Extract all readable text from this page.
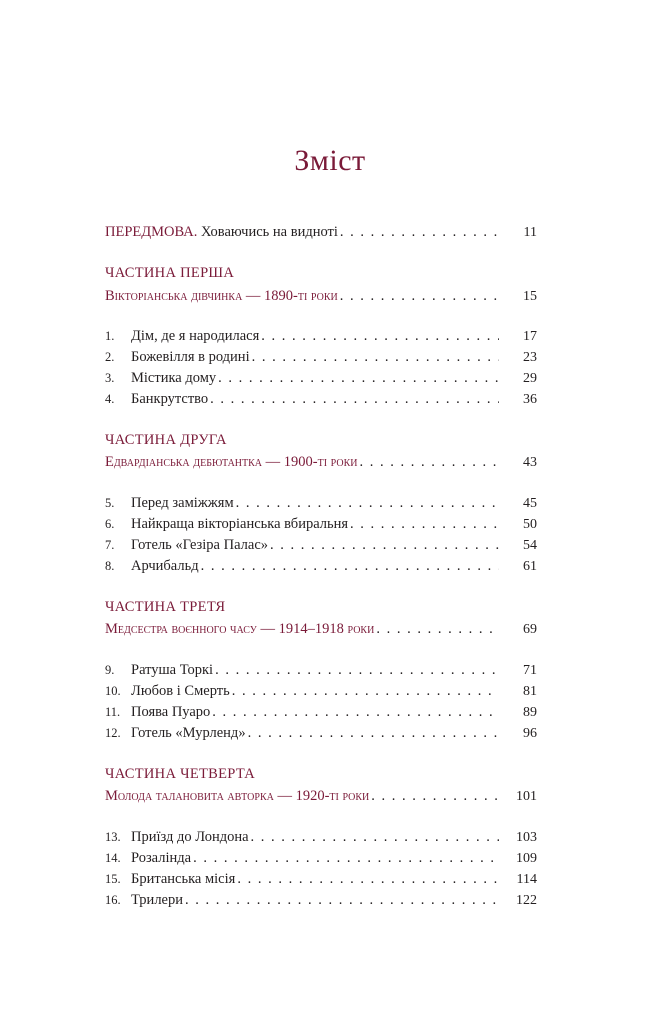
Зміст
ПЕРЕДМОВА. Ховаючись на видноті . . .	11
ЧАСТИНА ПЕРША
Вікторіанська дівчинка — 1890-ті роки . . .	15
1.	Дім, де я народилася . . .	17
2.	Божевілля в родині . . .	23
3.	Містика дому . . .	29
4.	Банкрутство . . .	36
ЧАСТИНА ДРУГА
Едвардіанська дебютантка — 1900-ті роки . . .	43
5.	Перед заміжжям . . .	45
6.	Найкраща вікторіанська вбиральня . . .	50
7.	Готель «Гезіра Палас» . . .	54
8.	Арчибальд . . .	61
ЧАСТИНА ТРЕТЯ
Медсестра воєнного часу — 1914–1918 роки . . .	69
9.	Ратуша Торкі . . .	71
10. Любов і Смерть . . .	81
11. Поява Пуаро . . .	89
12. Готель «Мурленд» . . .	96
ЧАСТИНА ЧЕТВЕРТА
Молода талановита авторка — 1920-ті роки . . .	101
13. Приїзд до Лондона . . .	103
14. Розалінда . . .	109
15. Британська місія . . .	114
16. Трилери . . .	122
